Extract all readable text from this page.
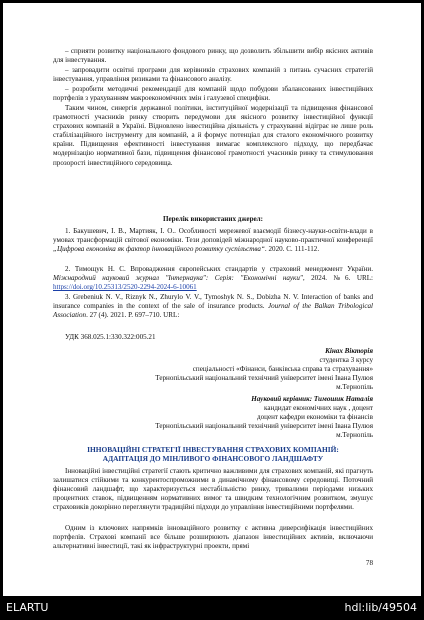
– сприяти розвитку національного фондового ринку, що дозволить збільшити вибір якісних активів для інвестування.
– запровадити освітні програми для керівників страхових компаній з питань сучасних стратегій інвестування, управління ризиками та фінансового аналізу.
– розробити методичні рекомендації для компаній щодо побудови збалансованих інвестиційних портфелів з урахуванням макроекономічних змін і галузевої специфіки.
Таким чином, синергія державної політики, інституційної модернізації та підвищення фінансової грамотності учасників ринку створить передумови для якісного розвитку інвестиційної функції страхових компаній в Україні. Відновлено інвестиційна діяльність у страхуванні відіграє не лише роль стабілізаційного інструменту для компаній, а й формує потенціал для сталого економічного розвитку країни. Підвищення ефективності інвестування вимагає комплексного підходу, що передбачає модернізацію нормативної бази, підвищення фінансової грамотності учасників ринку та стимулювання прозорості інвестиційного середовища.
Перелік використаних джерел:
1. Бакушевич, І. В., Мартияк, І. О.. Особливості мережевої взаємодії бізнесу-науки-освіти-влади в умовах трансформацій світової економіки. Тези доповідей міжнародної науково-практичної конференції „Цифрова економіка як фактор інноваційного розвитку суспільства“. 2020. С. 111-112.
2. Тимощук Н. С. Впровадження європейських стандартів у страховий менеджмент України. Міжнародний науковий журнал "Інтернаука": Серія: "Економічні науки", 2024. №6. URL: https://doi.org/10.25313/2520-2294-2024-6-10061
3. Grebeniuk N. V., Riznyk N., Zhurylo V. V., Tymoshyk N. S., Dobizha N. V. Interaction of banks and insurance companies in the context of the sale of insurance products. Journal of the Balkan Tribological Association. 27 (4). 2021. P. 697–710. URL:
УДК 368.025.1:330.322:005.21
Кінах Вікторія
студентка 3 курсу
спеціальності «Фінанси, банківська справа та страхування»
Тернопільський національний технічний університет імені Івана Пулюя
м.Тернопіль
Науковий керівник: Тимошик Наталія
кандидат економічних наук , доцент
доцент кафедри економіки та фінансів
Тернопільський національний технічний університет імені Івана Пулюя
м.Тернопіль
ІННОВАЦІЙНІ СТРАТЕГІЇ ІНВЕСТУВАННЯ СТРАХОВИХ КОМПАНІЙ:
АДАПТАЦІЯ ДО МІНЛИВОГО ФІНАНСОВОГО ЛАНДШАФТУ
Інноваційні інвестиційні стратегії стають критично важливими для страхових компаній, які прагнуть залишатися стійкими та конкурентоспроможними в динамічному фінансовому середовищі. Поточний фінансовий ландшафт, що характеризується нестабільністю ринку, тривалими періодами низьких процентних ставок, підвищенням нормативних вимог та швидким технологічним розвитком, змушує страховиків докорінно переглянути традиційні підходи до управління інвестиційними портфелями.
Одним із ключових напрямків інноваційного розвитку є активна диверсифікація інвестиційних портфелів. Страхові компанії все більше розширюють діапазон інвестиційних активів, включаючи альтернативні інвестиції, такі як інфраструктурні проекти, прямі
78
ELARTU	hdl:lib/49504
